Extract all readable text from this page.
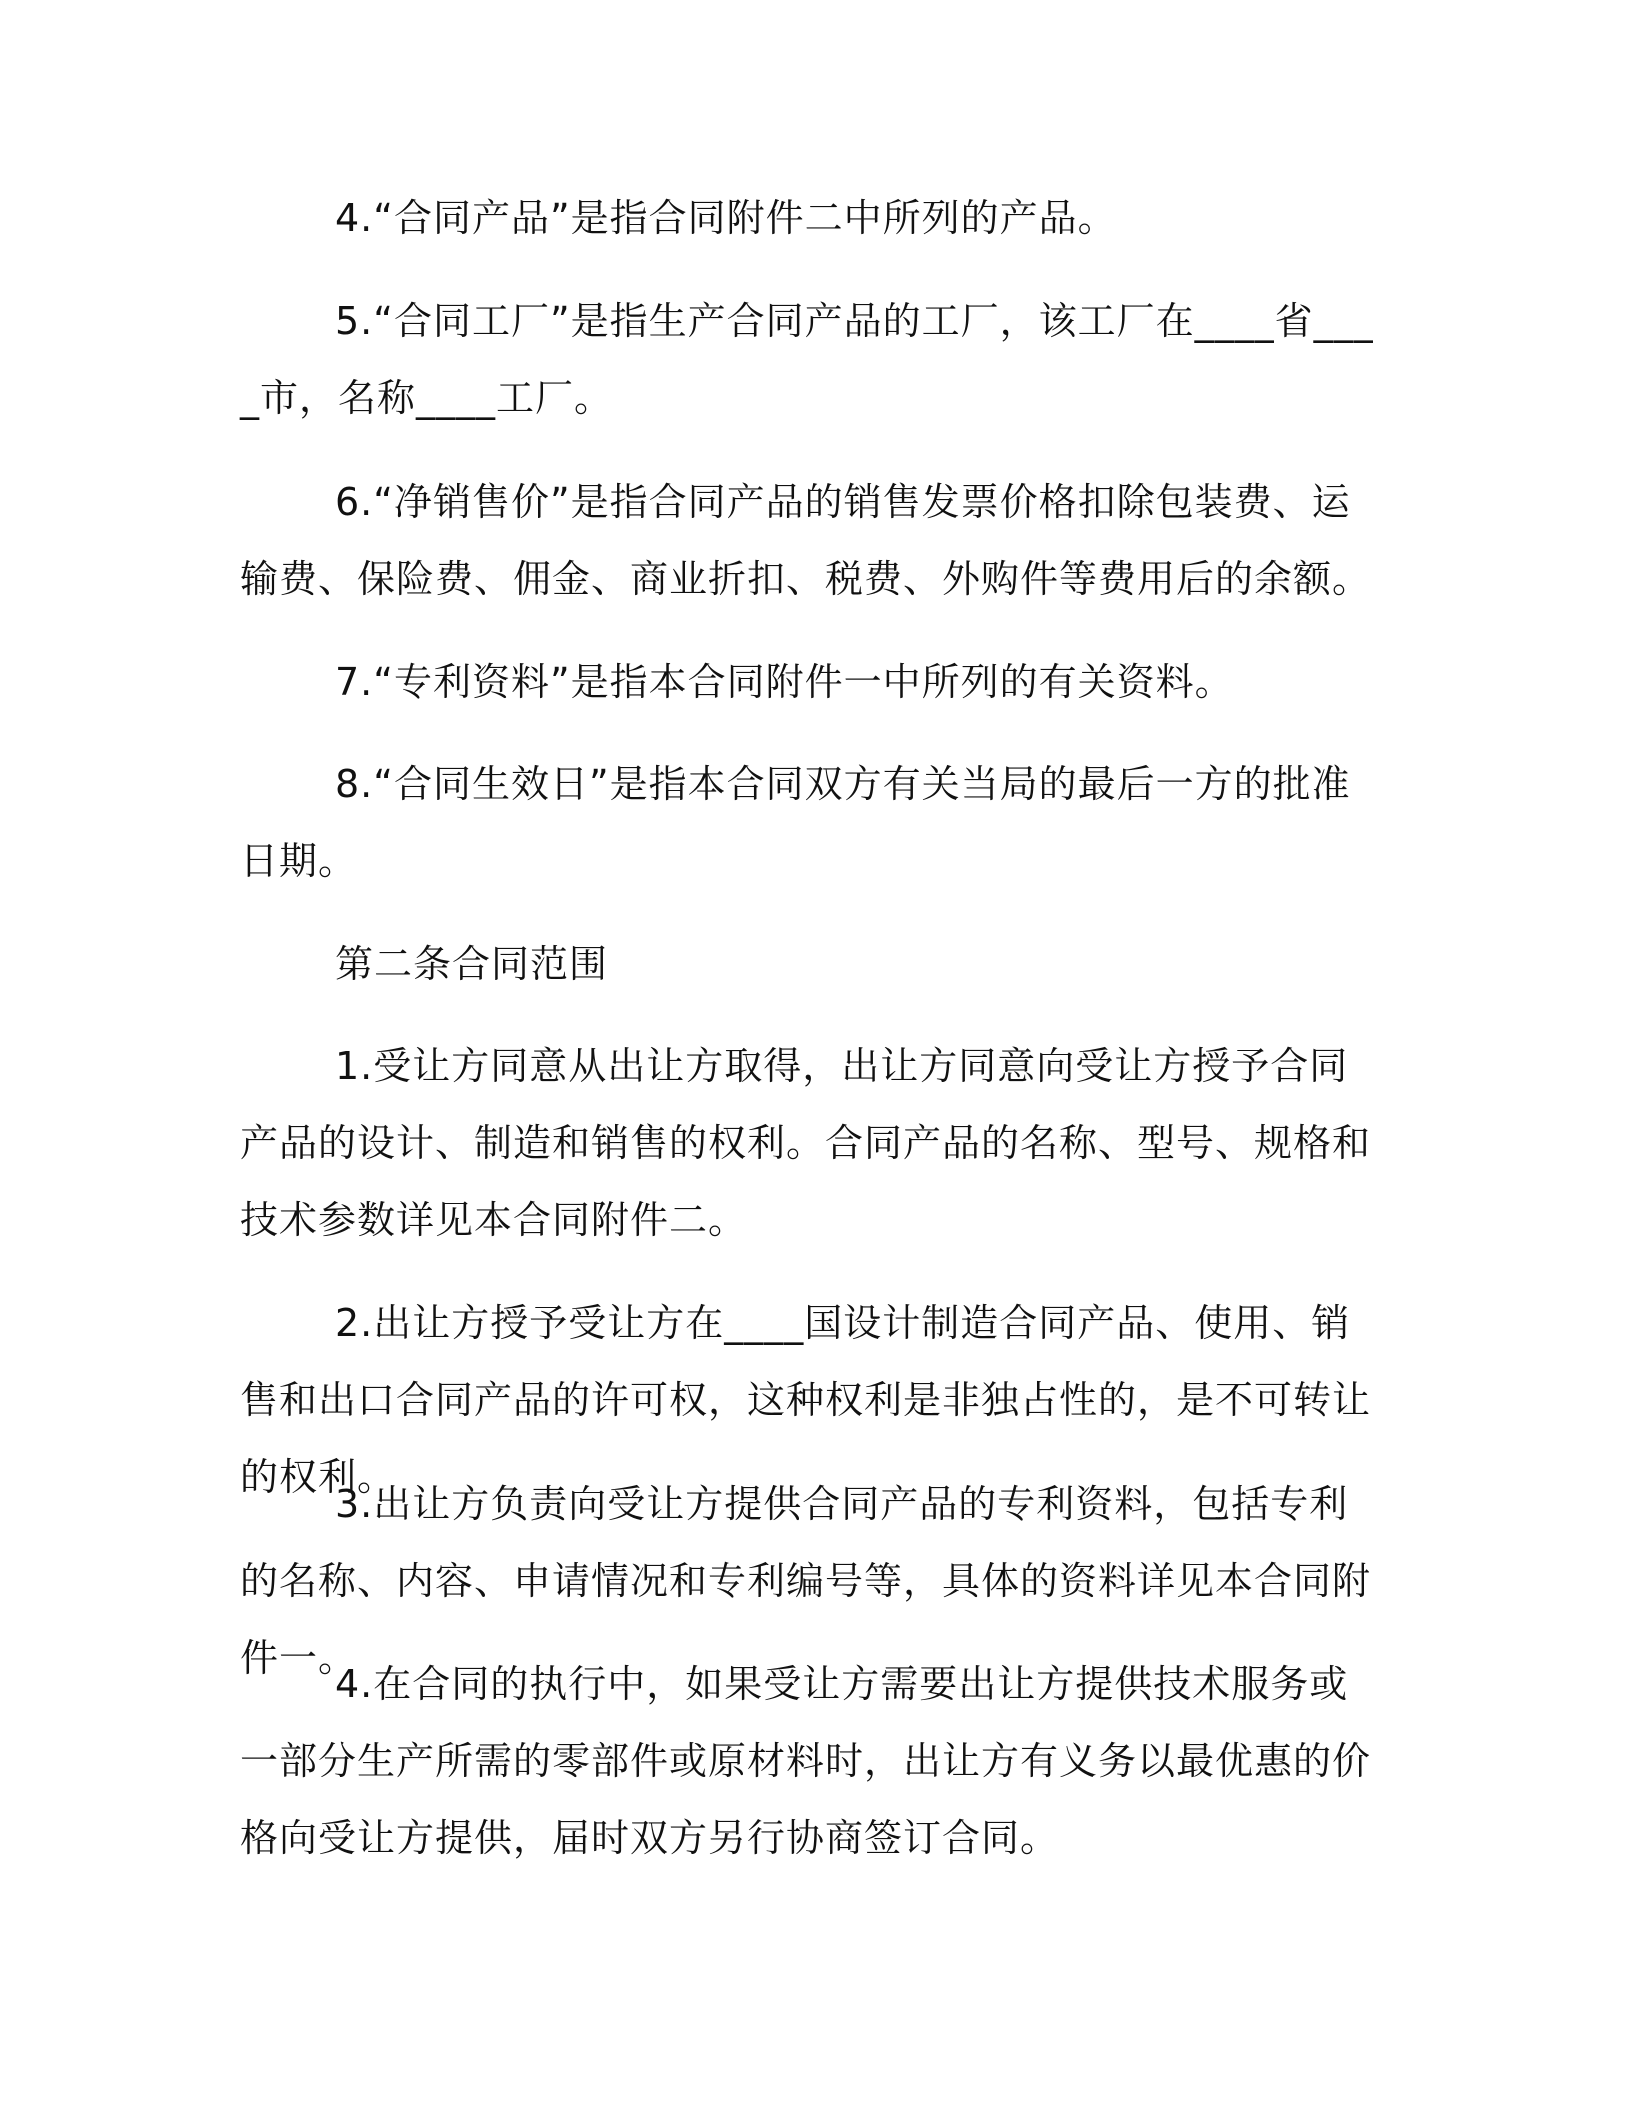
4.“合同产品”是指合同附件二中所列的产品。

5.“合同工厂”是指生产合同产品的工厂，该工厂在____省____市，名称____工厂。

6.“净销售价”是指合同产品的销售发票价格扣除包装费、运输费、保险费、佣金、商业折扣、税费、外购件等费用后的余额。

7.“专利资料”是指本合同附件一中所列的有关资料。

8.“合同生效日”是指本合同双方有关当局的最后一方的批准日期。

第二条合同范围

1.受让方同意从出让方取得，出让方同意向受让方授予合同产品的设计、制造和销售的权利。合同产品的名称、型号、规格和技术参数详见本合同附件二。

2.出让方授予受让方在____国设计制造合同产品、使用、销售和出口合同产品的许可权，这种权利是非独占性的，是不可转让的权利。

3.出让方负责向受让方提供合同产品的专利资料，包括专利的名称、内容、申请情况和专利编号等，具体的资料详见本合同附件一。

4.在合同的执行中，如果受让方需要出让方提供技术服务或一部分生产所需的零部件或原材料时，出让方有义务以最优惠的价格向受让方提供，届时双方另行协商签订合同。
